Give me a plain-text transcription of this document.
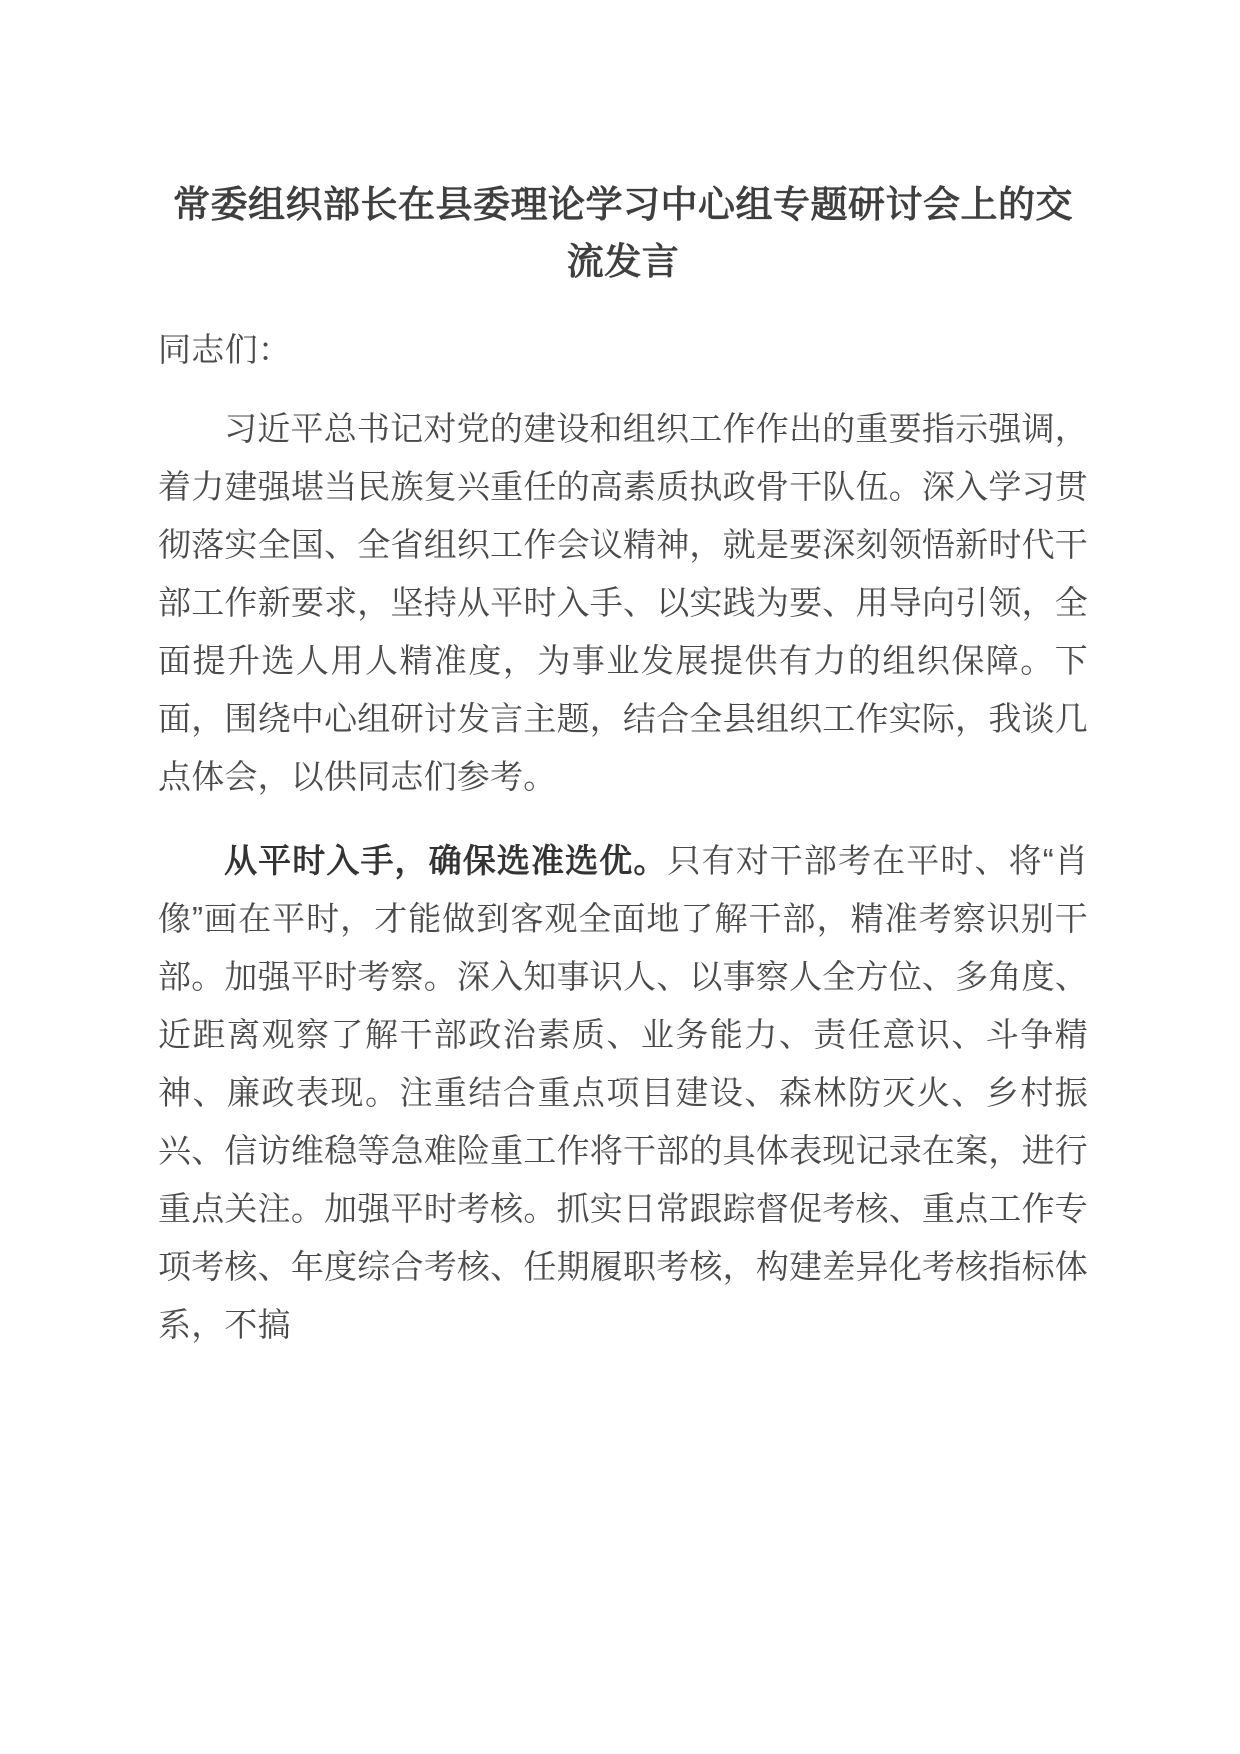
常委组织部长在县委理论学习中心组专题研讨会上的交流发言

同志们：

习近平总书记对党的建设和组织工作作出的重要指示强调，着力建强堪当民族复兴重任的高素质执政骨干队伍。深入学习贯彻落实全国、全省组织工作会议精神，就是要深刻领悟新时代干部工作新要求，坚持从平时入手、以实践为要、用导向引领，全面提升选人用人精准度，为事业发展提供有力的组织保障。下面，围绕中心组研讨发言主题，结合全县组织工作实际，我谈几点体会，以供同志们参考。

从平时入手，确保选准选优。只有对干部考在平时、将“肖像”画在平时，才能做到客观全面地了解干部，精准考察识别干部。加强平时考察。深入知事识人、以事察人全方位、多角度、近距离观察了解干部政治素质、业务能力、责任意识、斗争精神、廉政表现。注重结合重点项目建设、森林防灭火、乡村振兴、信访维稳等急难险重工作将干部的具体表现记录在案，进行重点关注。加强平时考核。抓实日常跟踪督促考核、重点工作专项考核、年度综合考核、任期履职考核，构建差异化考核指标体系，不搞
